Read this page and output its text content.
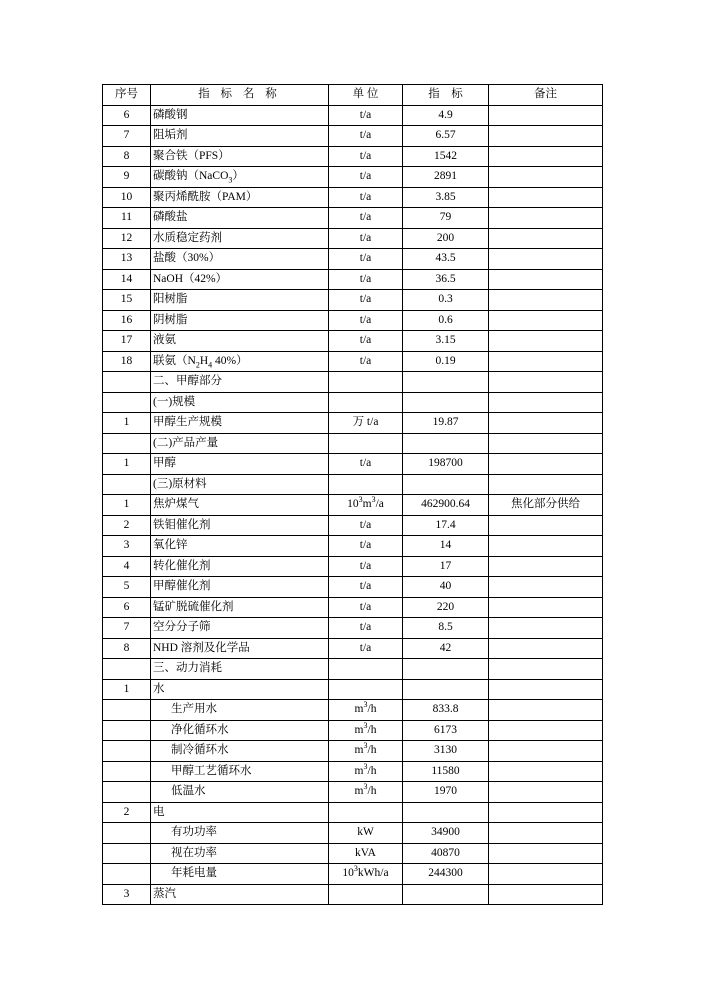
序号	指 标 名 称	单 位	指    标	备注
6	磷酸钢	t/a	4.9	
7	阻垢剂	t/a	6.57	
8	聚合铁（PFS）	t/a	1542	
9	碳酸钠（NaCO$_3$）	t/a	2891	
10	聚丙烯酰胺（PAM）	t/a	3.85	
11	磷酸盐	t/a	79	
12	水质稳定药剂	t/a	200	
13	盐酸（30%）	t/a	43.5	
14	NaOH（42%）	t/a	36.5	
15	阳树脂	t/a	0.3	
16	阴树脂	t/a	0.6	
17	液氨	t/a	3.15	
18	联氨（$N_2H_4$ 40%）	t/a	0.19	
	二、甲醇部分			
	(一)规模			
1	甲醇生产规模	万 t/a	19.87	
	(二)产品产量			
1	甲醇	t/a	198700	
	(三)原材料			
1	焦炉煤气	$10^3m^3/a$	462900.64	焦化部分供给
2	铁钼催化剂	t/a	17.4	
3	氧化锌	t/a	14	
4	转化催化剂	t/a	17	
5	甲醇催化剂	t/a	40	
6	锰矿脱硫催化剂	t/a	220	
7	空分分子筛	t/a	8.5	
8	NHD 溶剂及化学品	t/a	42	
	三、动力消耗			
1	水			
	生产用水	$m^3/h$	833.8	
	净化循环水	$m^3/h$	6173	
	制冷循环水	$m^3/h$	3130	
	甲醇工艺循环水	$m^3/h$	11580	
	低温水	$m^3/h$	1970	
2	电			
	有功功率	kW	34900	
	视在功率	kVA	40870	
	年耗电量	$10^3kWh/a$	244300	
3	蒸汽			
